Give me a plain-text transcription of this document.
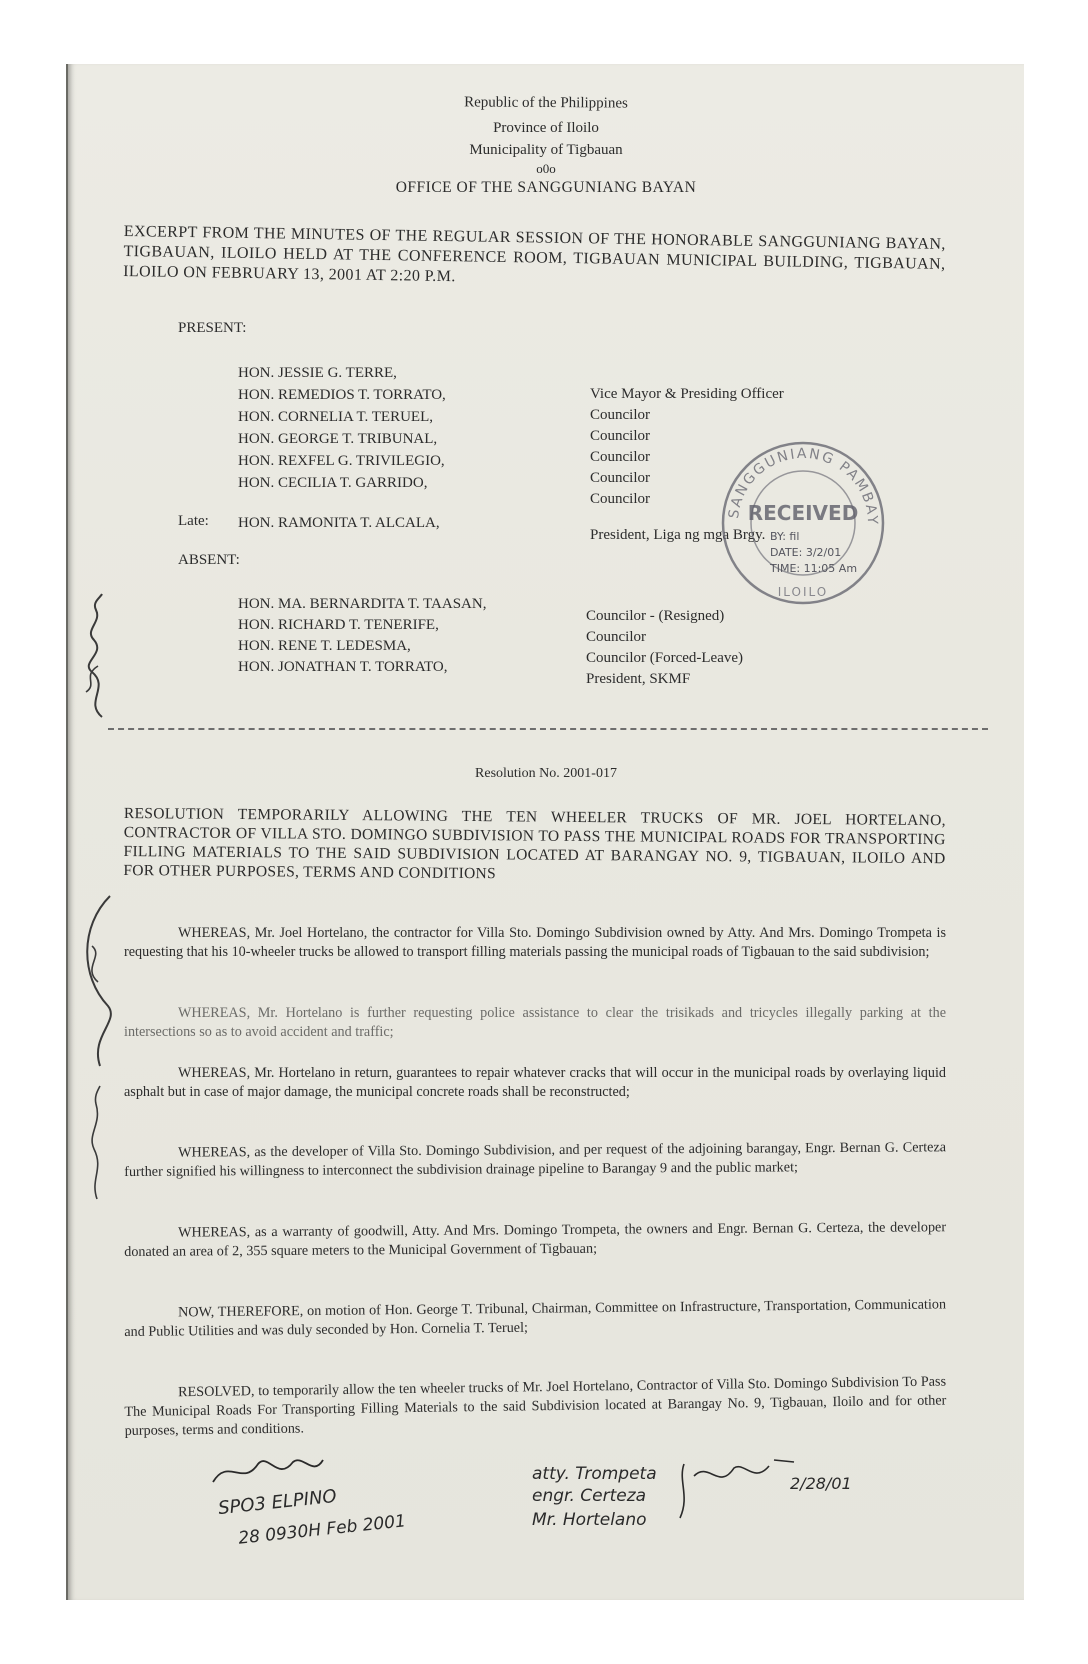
Republic of the Philippines
Province of Iloilo
Municipality of Tigbauan
o0o
OFFICE OF THE SANGGUNIANG BAYAN
EXCERPT FROM THE MINUTES OF THE REGULAR SESSION OF THE HONORABLE SANGGUNIANG BAYAN, TIGBAUAN, ILOILO HELD AT THE CONFERENCE ROOM, TIGBAUAN MUNICIPAL BUILDING, TIGBAUAN, ILOILO ON FEBRUARY 13, 2001 AT 2:20 P.M.
PRESENT:
HON. JESSIE G. TERRE,
HON. REMEDIOS T. TORRATO,
HON. CORNELIA T. TERUEL,
HON. GEORGE T. TRIBUNAL,
HON. REXFEL G. TRIVILEGIO,
HON. CECILIA T. GARRIDO,
Vice Mayor & Presiding Officer
Councilor
Councilor
Councilor
Councilor
Councilor
Late: HON. RAMONITA T. ALCALA,
President, Liga ng mga Brgy.
ABSENT:
HON. MA. BERNARDITA T. TAASAN,
HON. RICHARD T. TENERIFE,
HON. RENE T. LEDESMA,
HON. JONATHAN T. TORRATO,
Councilor - (Resigned)
Councilor
Councilor (Forced-Leave)
President, SKMF
SANGGUNIANG PAMBAY
RECEIVED
BY: fil
DATE: 3/2/01
TIME: 11:05 Am
ILOILO
Resolution No. 2001-017
RESOLUTION TEMPORARILY ALLOWING THE TEN WHEELER TRUCKS OF MR. JOEL HORTELANO, CONTRACTOR OF VILLA STO. DOMINGO SUBDIVISION TO PASS THE MUNICIPAL ROADS FOR TRANSPORTING FILLING MATERIALS TO THE SAID SUBDIVISION LOCATED AT BARANGAY NO. 9, TIGBAUAN, ILOILO AND FOR OTHER PURPOSES, TERMS AND CONDITIONS
WHEREAS, Mr. Joel Hortelano, the contractor for Villa Sto. Domingo Subdivision owned by Atty. And Mrs. Domingo Trompeta is requesting that his 10-wheeler trucks be allowed to transport filling materials passing the municipal roads of Tigbauan to the said subdivision;
WHEREAS, Mr. Hortelano is further requesting police assistance to clear the trisikads and tricycles illegally parking at the intersections so as to avoid accident and traffic;
WHEREAS, Mr. Hortelano in return, guarantees to repair whatever cracks that will occur in the municipal roads by overlaying liquid asphalt but in case of major damage, the municipal concrete roads shall be reconstructed;
WHEREAS, as the developer of Villa Sto. Domingo Subdivision, and per request of the adjoining barangay, Engr. Bernan G. Certeza further signified his willingness to interconnect the subdivision drainage pipeline to Barangay 9 and the public market;
WHEREAS, as a warranty of goodwill, Atty. And Mrs. Domingo Trompeta, the owners and Engr. Bernan G. Certeza, the developer donated an area of 2, 355 square meters to the Municipal Government of Tigbauan;
NOW, THEREFORE, on motion of Hon. George T. Tribunal, Chairman, Committee on Infrastructure, Transportation, Communication and Public Utilities and was duly seconded by Hon. Cornelia T. Teruel;
RESOLVED, to temporarily allow the ten wheeler trucks of Mr. Joel Hortelano, Contractor of Villa Sto. Domingo Subdivision To Pass The Municipal Roads For Transporting Filling Materials to the said Subdivision located at Barangay No. 9, Tigbauan, Iloilo and for other purposes, terms and conditions.
SPO3 ELPINO
28 0930H Feb 2001
atty. Trompeta
engr. Certeza
Mr. Hortelano
2/28/01
